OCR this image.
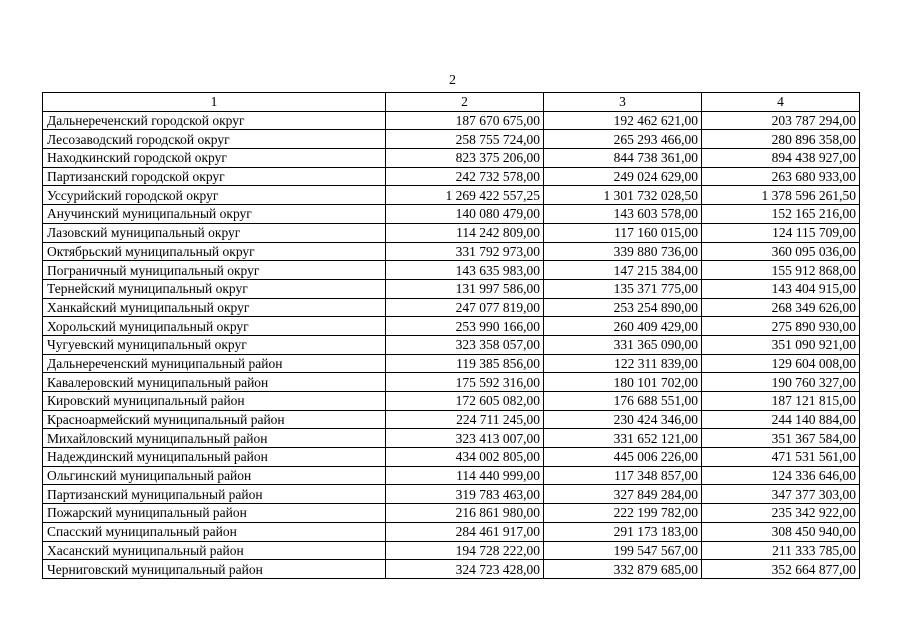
2
1	2	3	4
Дальнереченский городской округ	187 670 675,00	192 462 621,00	203 787 294,00
Лесозаводский городской округ	258 755 724,00	265 293 466,00	280 896 358,00
Находкинский городской округ	823 375 206,00	844 738 361,00	894 438 927,00
Партизанский городской округ	242 732 578,00	249 024 629,00	263 680 933,00
Уссурийский городской округ	1 269 422 557,25	1 301 732 028,50	1 378 596 261,50
Анучинский муниципальный округ	140 080 479,00	143 603 578,00	152 165 216,00
Лазовский муниципальный округ	114 242 809,00	117 160 015,00	124 115 709,00
Октябрьский муниципальный округ	331 792 973,00	339 880 736,00	360 095 036,00
Пограничный муниципальный округ	143 635 983,00	147 215 384,00	155 912 868,00
Тернейский муниципальный округ	131 997 586,00	135 371 775,00	143 404 915,00
Ханкайский муниципальный округ	247 077 819,00	253 254 890,00	268 349 626,00
Хорольский муниципальный округ	253 990 166,00	260 409 429,00	275 890 930,00
Чугуевский муниципальный округ	323 358 057,00	331 365 090,00	351 090 921,00
Дальнереченский муниципальный район	119 385 856,00	122 311 839,00	129 604 008,00
Кавалеровский муниципальный район	175 592 316,00	180 101 702,00	190 760 327,00
Кировский муниципальный район	172 605 082,00	176 688 551,00	187 121 815,00
Красноармейский муниципальный район	224 711 245,00	230 424 346,00	244 140 884,00
Михайловский муниципальный район	323 413 007,00	331 652 121,00	351 367 584,00
Надеждинский муниципальный район	434 002 805,00	445 006 226,00	471 531 561,00
Ольгинский муниципальный район	114 440 999,00	117 348 857,00	124 336 646,00
Партизанский муниципальный район	319 783 463,00	327 849 284,00	347 377 303,00
Пожарский муниципальный район	216 861 980,00	222 199 782,00	235 342 922,00
Спасский муниципальный район	284 461 917,00	291 173 183,00	308 450 940,00
Хасанский муниципальный район	194 728 222,00	199 547 567,00	211 333 785,00
Черниговский муниципальный район	324 723 428,00	332 879 685,00	352 664 877,00
